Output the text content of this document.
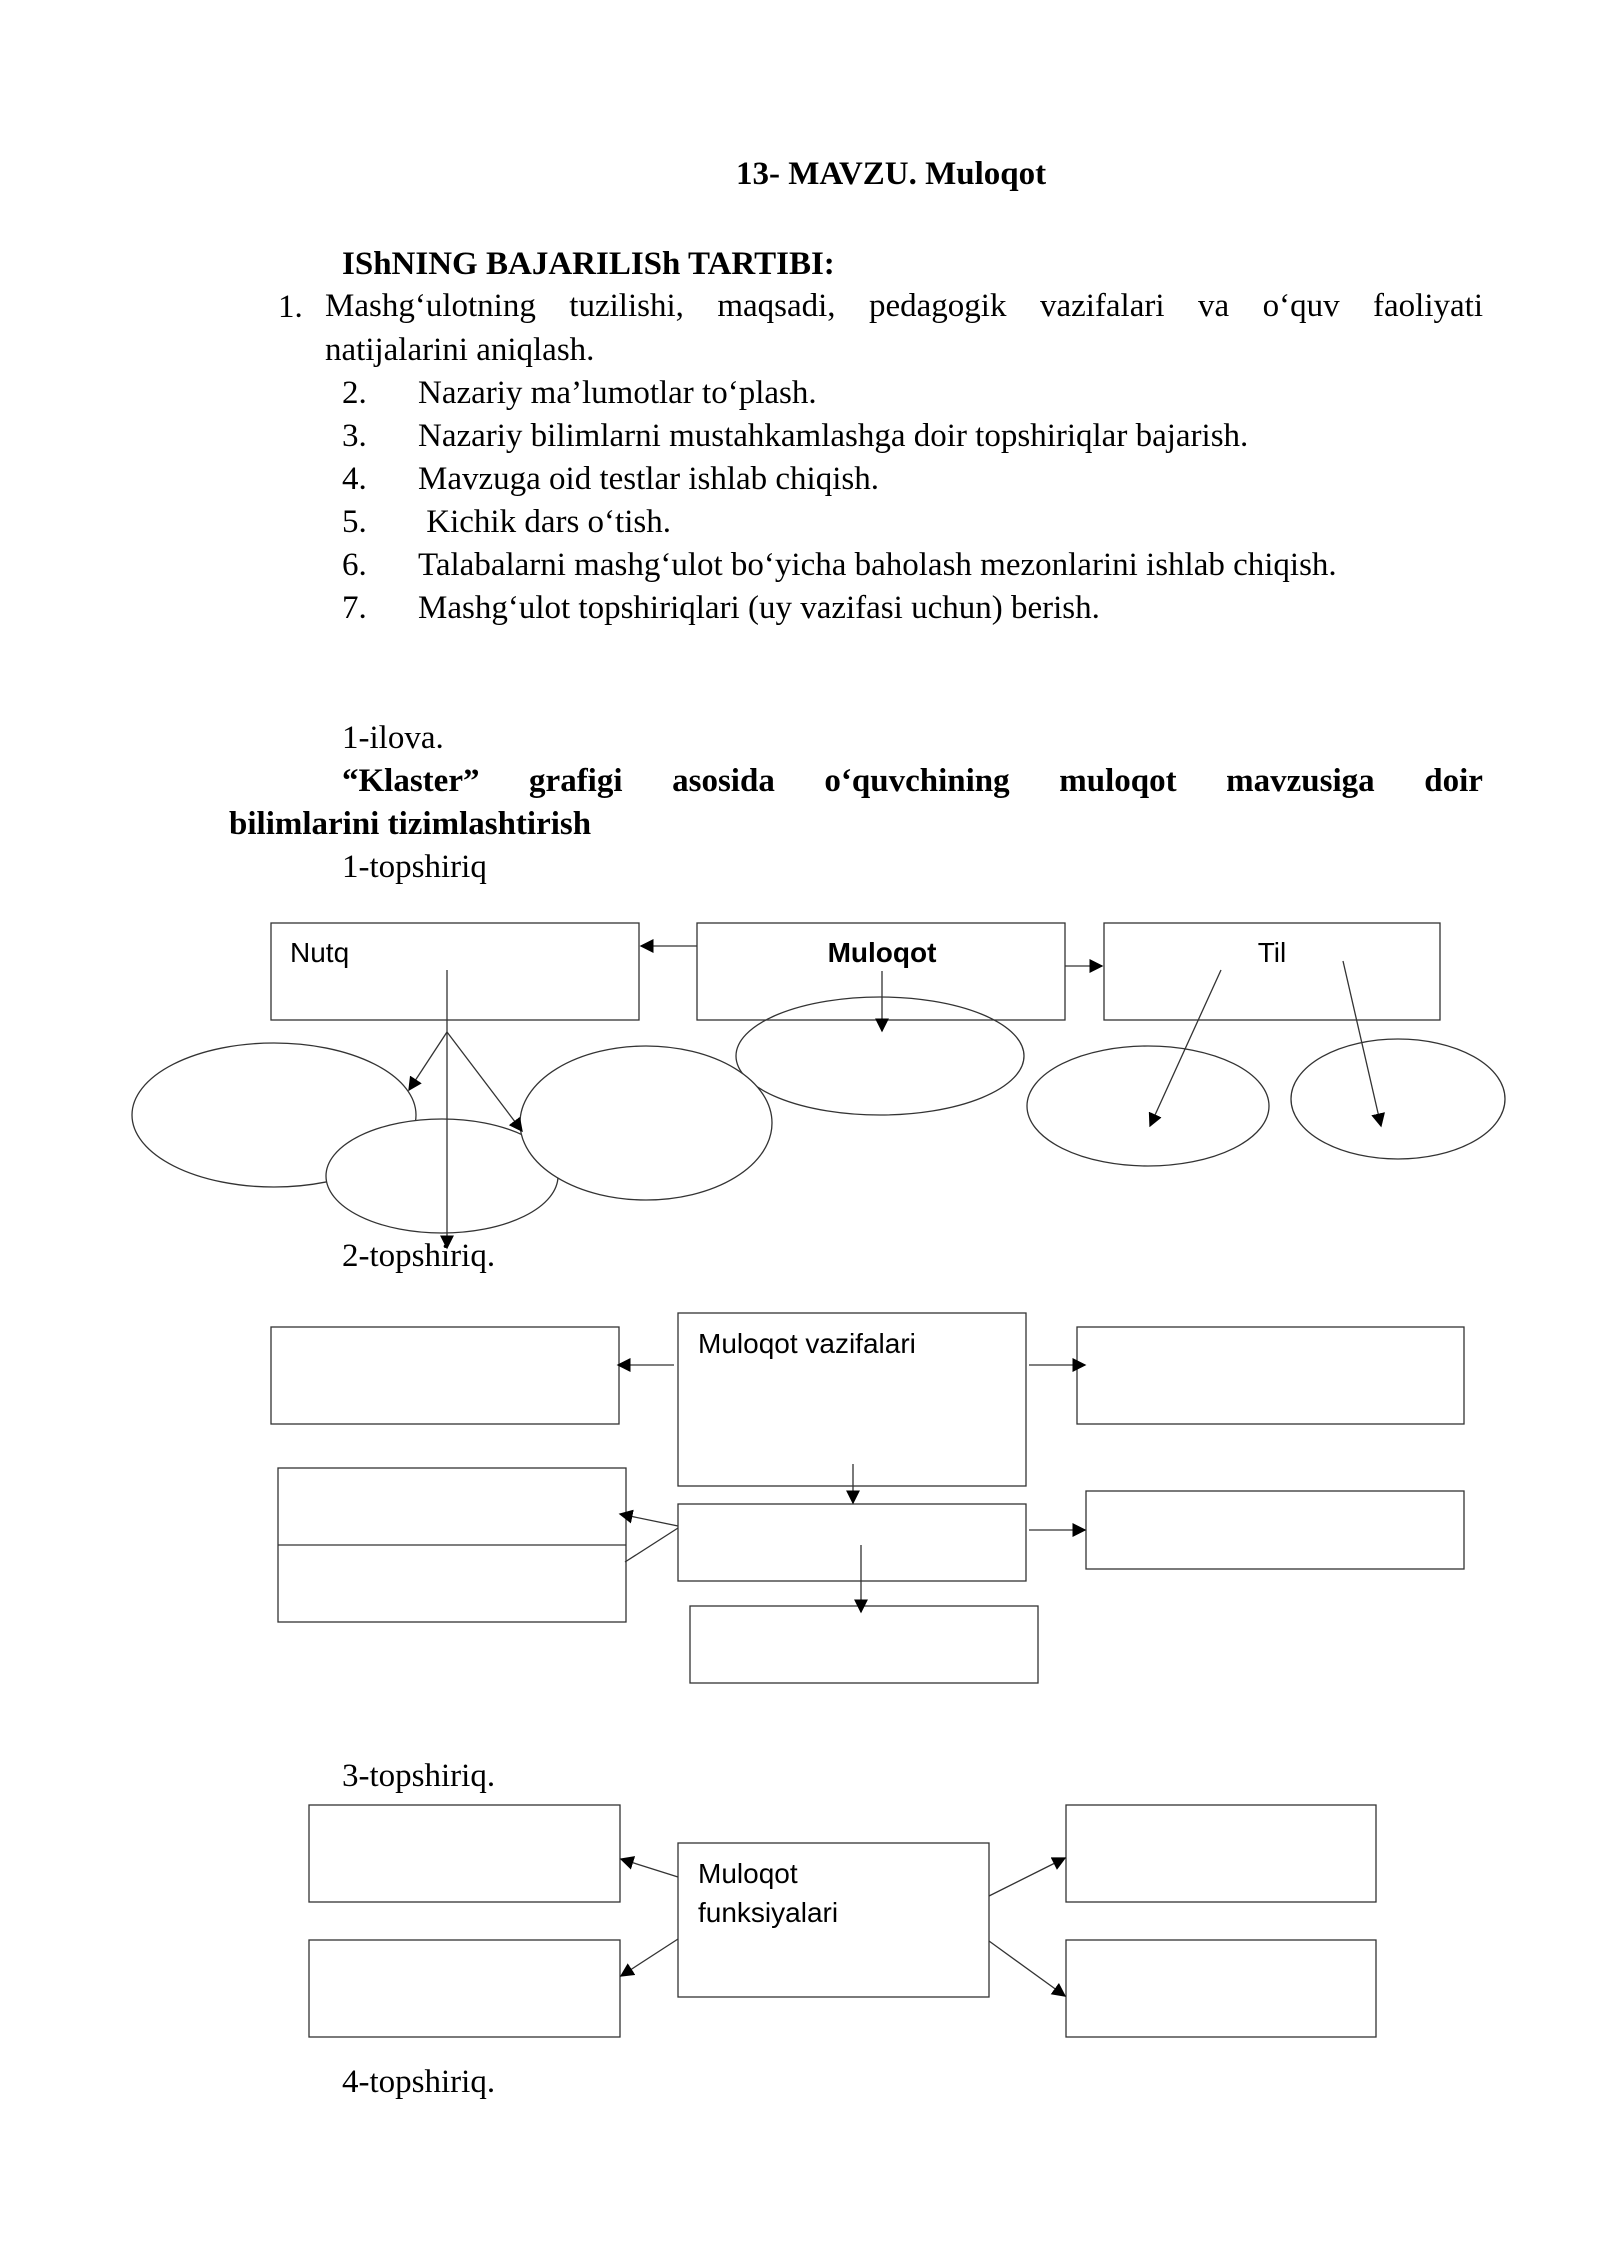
13- MAVZU. Muloqot
IShNING BAJARILISh TARTIBI:
1. Mashg‘ulotning tuzilishi, maqsadi, pedagogik vazifalari va o‘quv faoliyati
natijalarini aniqlash.
2. Nazariy ma’lumotlar to‘plash.
3. Nazariy bilimlarni mustahkamlashga doir topshiriqlar bajarish.
4. Mavzuga oid testlar ishlab chiqish.
5. Kichik dars o‘tish.
6. Talabalarni mashg‘ulot bo‘yicha baholash mezonlarini ishlab chiqish.
7. Mashg‘ulot topshiriqlari (uy vazifasi uchun) berish.
1-ilova.
“Klaster” grafigi asosida o‘quvchining muloqot mavzusiga doir
bilimlarini tizimlashtirish
1-topshiriq
2-topshiriq.
3-topshiriq.
4-topshiriq.
Nutq	Muloqot	Til
Muloqot vazifalari
Muloqot
funksiyalari
